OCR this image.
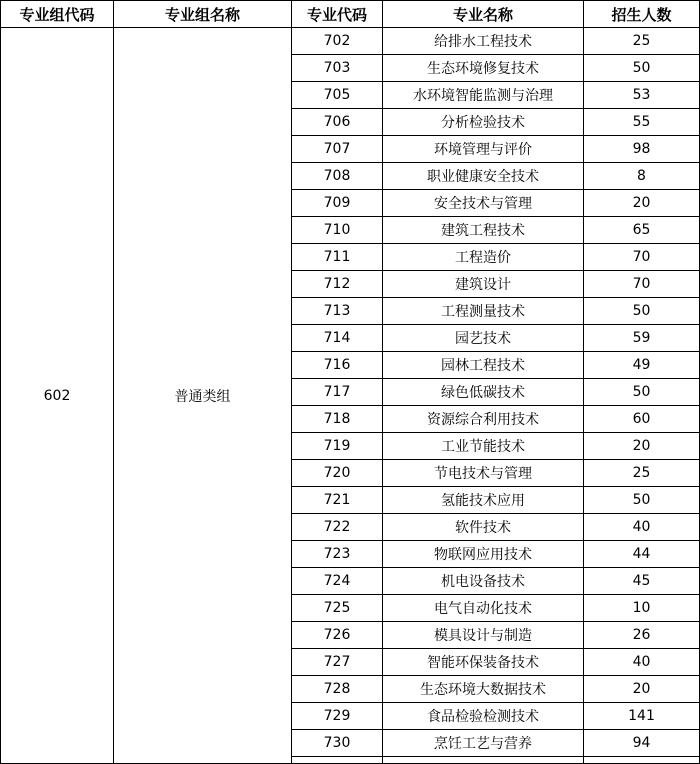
专业组代码	专业组名称	专业代码	专业名称	招生人数
602	普通类组	702	给排水工程技术	25
		703	生态环境修复技术	50
		705	水环境智能监测与治理	53
		706	分析检验技术	55
		707	环境管理与评价	98
		708	职业健康安全技术	8
		709	安全技术与管理	20
		710	建筑工程技术	65
		711	工程造价	70
		712	建筑设计	70
		713	工程测量技术	50
		714	园艺技术	59
		716	园林工程技术	49
		717	绿色低碳技术	50
		718	资源综合利用技术	60
		719	工业节能技术	20
		720	节电技术与管理	25
		721	氢能技术应用	50
		722	软件技术	40
		723	物联网应用技术	44
		724	机电设备技术	45
		725	电气自动化技术	10
		726	模具设计与制造	26
		727	智能环保装备技术	40
		728	生态环境大数据技术	20
		729	食品检验检测技术	141
		730	烹饪工艺与营养	94
